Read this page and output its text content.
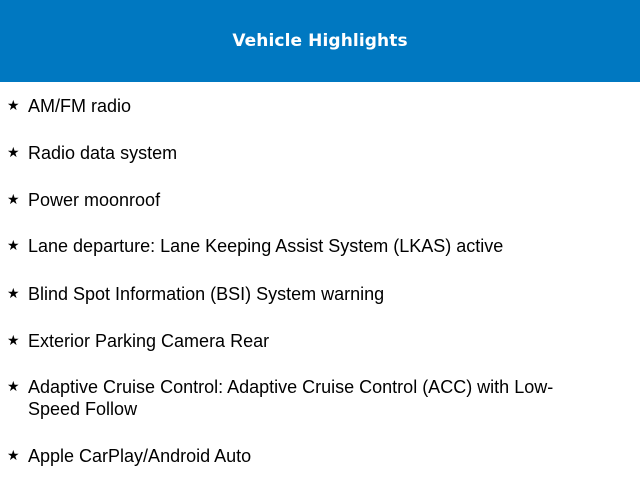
Vehicle Highlights
★ AM/FM radio
★ Radio data system
★ Power moonroof
★ Lane departure: Lane Keeping Assist System (LKAS) active
★ Blind Spot Information (BSI) System warning
★ Exterior Parking Camera Rear
★ Adaptive Cruise Control: Adaptive Cruise Control (ACC) with Low-Speed Follow
★ Apple CarPlay/Android Auto
